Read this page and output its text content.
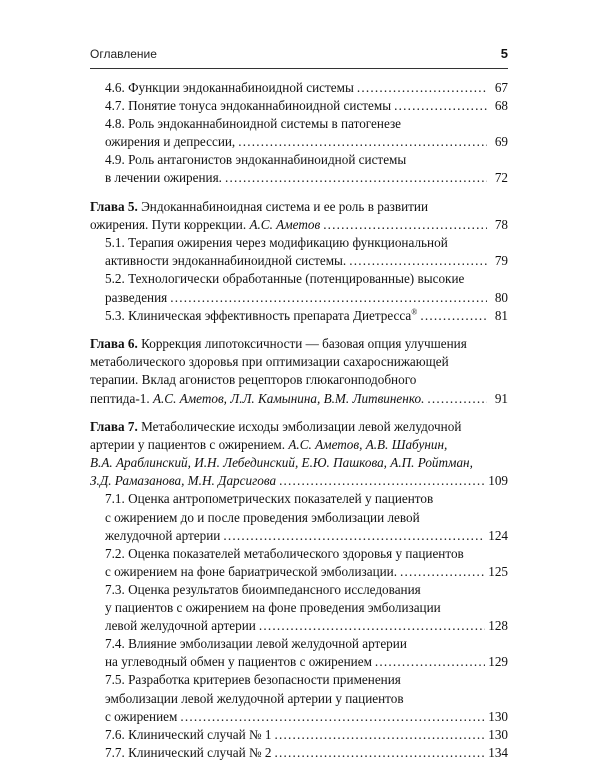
Оглавление	5
4.6. Функции эндоканнабиноидной системы .....	67
4.7. Понятие тонуса эндоканнабиноидной системы .....	68
4.8. Роль эндоканнабиноидной системы в патогенезе
ожирения и депрессии, .....	69
4.9. Роль антагонистов эндоканнабиноидной системы
в лечении ожирения. .....	72
Глава 5. Эндоканнабиноидная система и ее роль в развитии
ожирения. Пути коррекции. А.С. Аметов .....	78
5.1. Терапия ожирения через модификацию функциональной
активности эндоканнабиноидной системы. .....	79
5.2. Технологически обработанные (потенцированные) высокие
разведения .....	80
5.3. Клиническая эффективность препарата Диетресса® .....	81
Глава 6. Коррекция липотоксичности — базовая опция улучшения
метаболического здоровья при оптимизации сахароснижающей
терапии. Вклад агонистов рецепторов глюкагонподобного
пептида-1. А.С. Аметов, Л.Л. Камынина, В.М. Литвиненко. .....	91
Глава 7. Метаболические исходы эмболизации левой желудочной
артерии у пациентов с ожирением. А.С. Аметов, А.В. Шабунин,
В.А. Араблинский, И.Н. Лебединский, Е.Ю. Пашкова, А.П. Ройтман,
З.Д. Рамазанова, М.Н. Дарсигова .....	109
7.1. Оценка антропометрических показателей у пациентов
с ожирением до и после проведения эмболизации левой
желудочной артерии .....	124
7.2. Оценка показателей метаболического здоровья у пациентов
с ожирением на фоне бариатрической эмболизации. .....	125
7.3. Оценка результатов биоимпедансного исследования
у пациентов с ожирением на фоне проведения эмболизации
левой желудочной артерии .....	128
7.4. Влияние эмболизации левой желудочной артерии
на углеводный обмен у пациентов с ожирением .....	129
7.5. Разработка критериев безопасности применения
эмболизации левой желудочной артерии у пациентов
с ожирением .....	130
7.6. Клинический случай № 1 .....	130
7.7. Клинический случай № 2 .....	134
